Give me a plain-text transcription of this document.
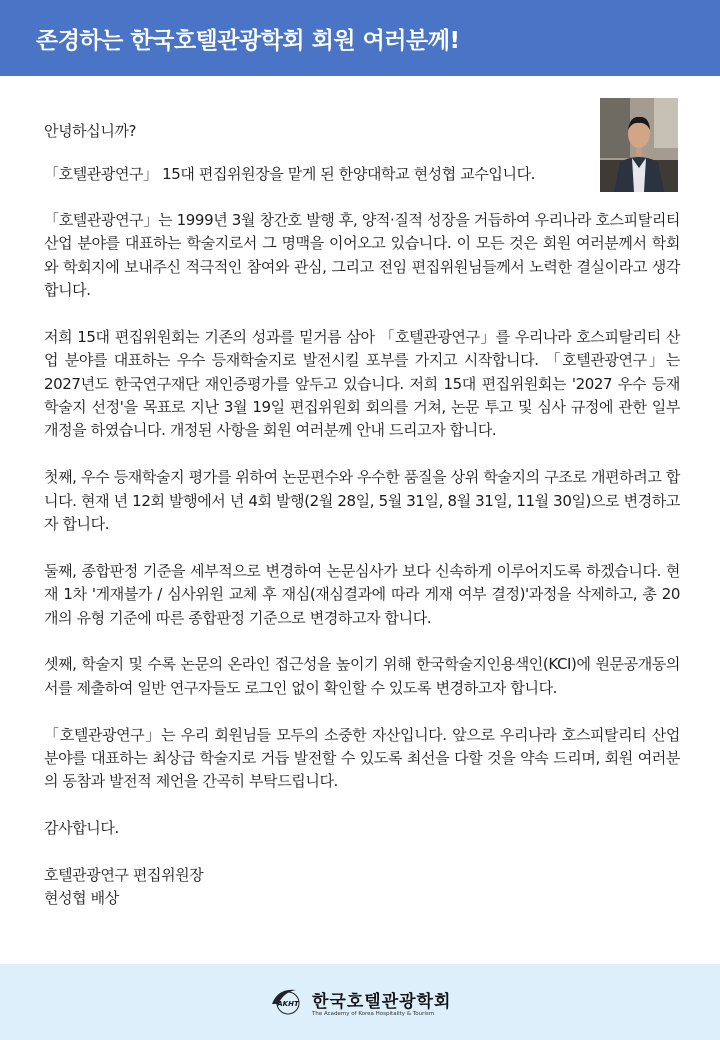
존경하는 한국호텔관광학회 회원 여러분께!

안녕하십니까?

「호텔관광연구」 15대 편집위원장을 맡게 된 한양대학교 현성협 교수입니다.

「호텔관광연구」는 1999년 3월 창간호 발행 후, 양적·질적 성장을 거듭하여 우리나라 호스피탈리티 산업 분야를 대표하는 학술지로서 그 명맥을 이어오고 있습니다. 이 모든 것은 회원 여러분께서 학회와 학회지에 보내주신 적극적인 참여와 관심, 그리고 전임 편집위원님들께서 노력한 결실이라고 생각합니다.

저희 15대 편집위원회는 기존의 성과를 밑거름 삼아 「호텔관광연구」를 우리나라 호스피탈리티 산업 분야를 대표하는 우수 등재학술지로 발전시킬 포부를 가지고 시작합니다. 「호텔관광연구」는 2027년도 한국연구재단 재인증평가를 앞두고 있습니다. 저희 15대 편집위원회는 '2027 우수 등재학술지 선정'을 목표로 지난 3월 19일 편집위원회 회의를 거쳐, 논문 투고 및 심사 규정에 관한 일부 개정을 하였습니다. 개정된 사항을 회원 여러분께 안내 드리고자 합니다.

첫째, 우수 등재학술지 평가를 위하여 논문편수와 우수한 품질을 상위 학술지의 구조로 개편하려고 합니다. 현재 년 12회 발행에서 년 4회 발행(2월 28일, 5월 31일, 8월 31일, 11월 30일)으로 변경하고자 합니다.

둘째, 종합판정 기준을 세부적으로 변경하여 논문심사가 보다 신속하게 이루어지도록 하겠습니다. 현재 1차 '게재불가 / 심사위원 교체 후 재심(재심결과에 따라 게재 여부 결정)'과정을 삭제하고, 총 20개의 유형 기준에 따른 종합판정 기준으로 변경하고자 합니다.

셋째, 학술지 및 수록 논문의 온라인 접근성을 높이기 위해 한국학술지인용색인(KCI)에 원문공개동의서를 제출하여 일반 연구자들도 로그인 없이 확인할 수 있도록 변경하고자 합니다.

「호텔관광연구」는 우리 회원님들 모두의 소중한 자산입니다. 앞으로 우리나라 호스피탈리티 산업 분야를 대표하는 최상급 학술지로 거듭 발전할 수 있도록 최선을 다할 것을 약속 드리며, 회원 여러분의 동참과 발전적 제언을 간곡히 부탁드립니다.

감사합니다.

호텔관광연구 편집위원장

현성협 배상

AKHT 한국호텔관광학회
The Academy of Korea Hospitality & Tourism
